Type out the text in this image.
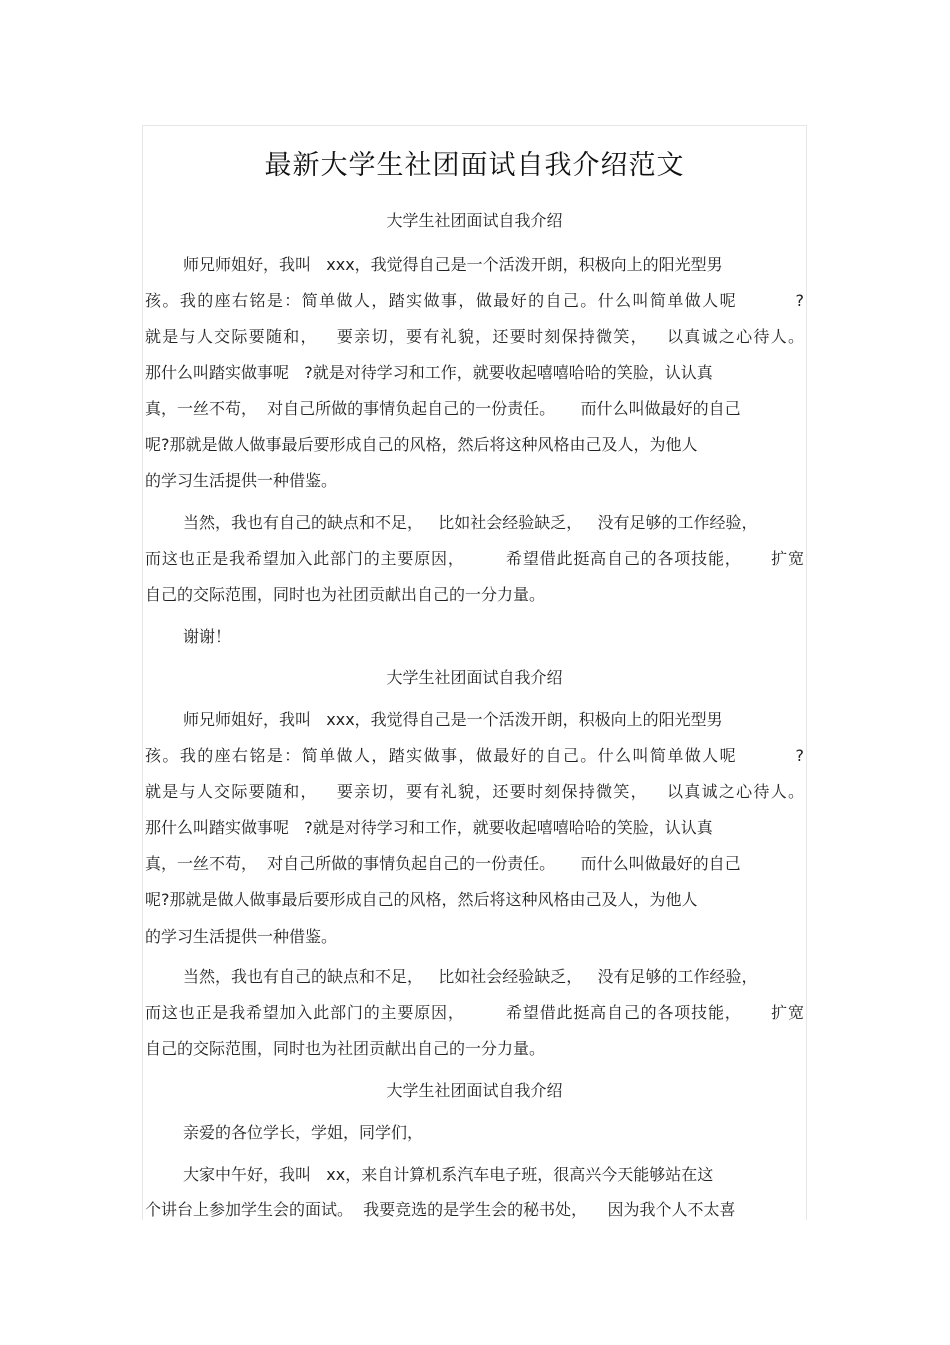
最新大学生社团面试自我介绍范文
大学生社团面试自我介绍
师兄师姐好，我叫   xxx，我觉得自己是一个活泼开朗，积极向上的阳光型男
孩。我的座右铭是：简单做人，踏实做事，做最好的自己。什么叫简单做人呢         ?
就是与人交际要随和，   要亲切，要有礼貌，还要时刻保持微笑，   以真诚之心待人。
那什么叫踏实做事呢   ?就是对待学习和工作，就要收起嘻嘻哈哈的笑脸，认认真
真，一丝不苟，  对自己所做的事情负起自己的一份责任。     而什么叫做最好的自己
呢?那就是做人做事最后要形成自己的风格，然后将这种风格由己及人，为他人
的学习生活提供一种借鉴。
当然，我也有自己的缺点和不足，   比如社会经验缺乏，   没有足够的工作经验，
而这也正是我希望加入此部门的主要原因，       希望借此挺高自己的各项技能，     扩宽
自己的交际范围，同时也为社团贡献出自己的一分力量。
谢谢！
大学生社团面试自我介绍
师兄师姐好，我叫   xxx，我觉得自己是一个活泼开朗，积极向上的阳光型男
孩。我的座右铭是：简单做人，踏实做事，做最好的自己。什么叫简单做人呢         ?
就是与人交际要随和，   要亲切，要有礼貌，还要时刻保持微笑，   以真诚之心待人。
那什么叫踏实做事呢   ?就是对待学习和工作，就要收起嘻嘻哈哈的笑脸，认认真
真，一丝不苟，  对自己所做的事情负起自己的一份责任。     而什么叫做最好的自己
呢?那就是做人做事最后要形成自己的风格，然后将这种风格由己及人，为他人
的学习生活提供一种借鉴。
当然，我也有自己的缺点和不足，   比如社会经验缺乏，   没有足够的工作经验，
而这也正是我希望加入此部门的主要原因，       希望借此挺高自己的各项技能，     扩宽
自己的交际范围，同时也为社团贡献出自己的一分力量。
大学生社团面试自我介绍
亲爱的各位学长，学姐，同学们，
大家中午好，我叫   xx，来自计算机系汽车电子班，很高兴今天能够站在这
个讲台上参加学生会的面试。  我要竞选的是学生会的秘书处，    因为我个人不太喜
